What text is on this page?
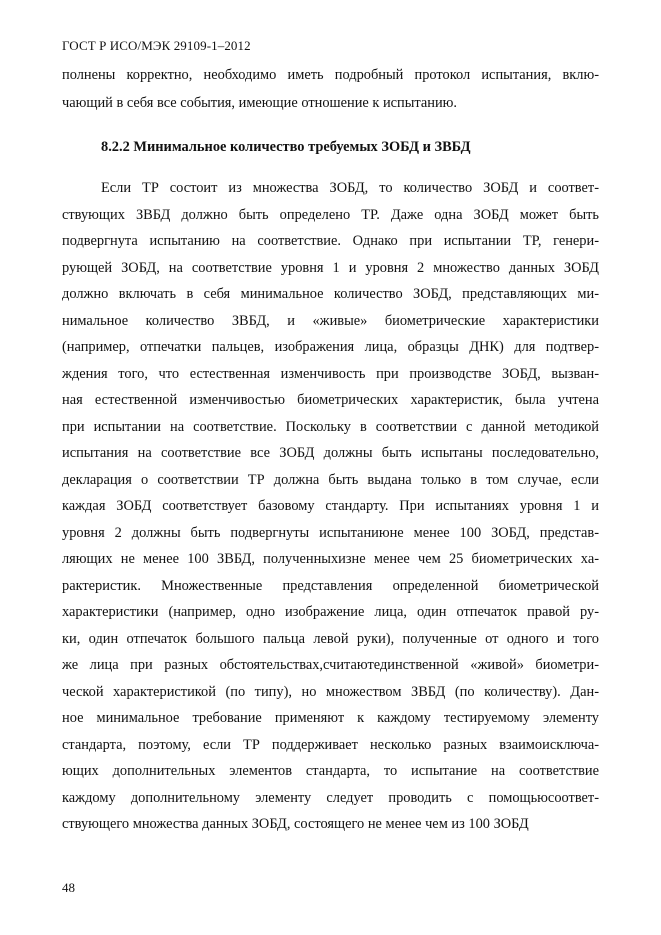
ГОСТ Р ИСО/МЭК 29109-1–2012
полнены корректно, необходимо иметь подробный протокол испытания, вклю-
чающий в себя все события, имеющие отношение к испытанию.
8.2.2 Минимальное количество требуемых ЗОБД и ЗВБД
Если ТР состоит из множества ЗОБД, то количество ЗОБД и соответ-
ствующих ЗВБД должно быть определено ТР. Даже одна ЗОБД может быть
подвергнута испытанию на соответствие. Однако при испытании ТР, генери-
рующей ЗОБД, на соответствие уровня 1 и уровня 2 множество данных ЗОБД
должно включать в себя минимальное количество ЗОБД, представляющих ми-
нимальное количество ЗВБД, и «живые» биометрические характеристики
(например, отпечатки пальцев, изображения лица, образцы ДНК) для подтвер-
ждения того, что естественная изменчивость при производстве ЗОБД, вызван-
ная естественной изменчивостью биометрических характеристик, была учтена
при испытании на соответствие. Поскольку в соответствии с данной методикой
испытания на соответствие все ЗОБД должны быть испытаны последовательно,
декларация о соответствии ТР должна быть выдана только в том случае, если
каждая ЗОБД соответствует базовому стандарту. При испытаниях уровня 1 и
уровня 2 должны быть подвергнуты испытаниюне менее 100 ЗОБД, представ-
ляющих не менее 100 ЗВБД, полученныхизне менее чем 25 биометрических ха-
рактеристик. Множественные представления определенной биометрической
характеристики (например, одно изображение лица, один отпечаток правой ру-
ки, один отпечаток большого пальца левой руки), полученные от одного и того
же лица при разных обстоятельствах,считаютединственной «живой» биометри-
ческой характеристикой (по типу), но множеством ЗВБД (по количеству). Дан-
ное минимальное требование применяют к каждому тестируемому элементу
стандарта, поэтому, если ТР поддерживает несколько разных взаимоисключа-
ющих дополнительных элементов стандарта, то испытание на соответствие
каждому дополнительному элементу следует проводить с помощьюсоответ-
ствующего множества данных ЗОБД, состоящего не менее чем из 100 ЗОБД
48
